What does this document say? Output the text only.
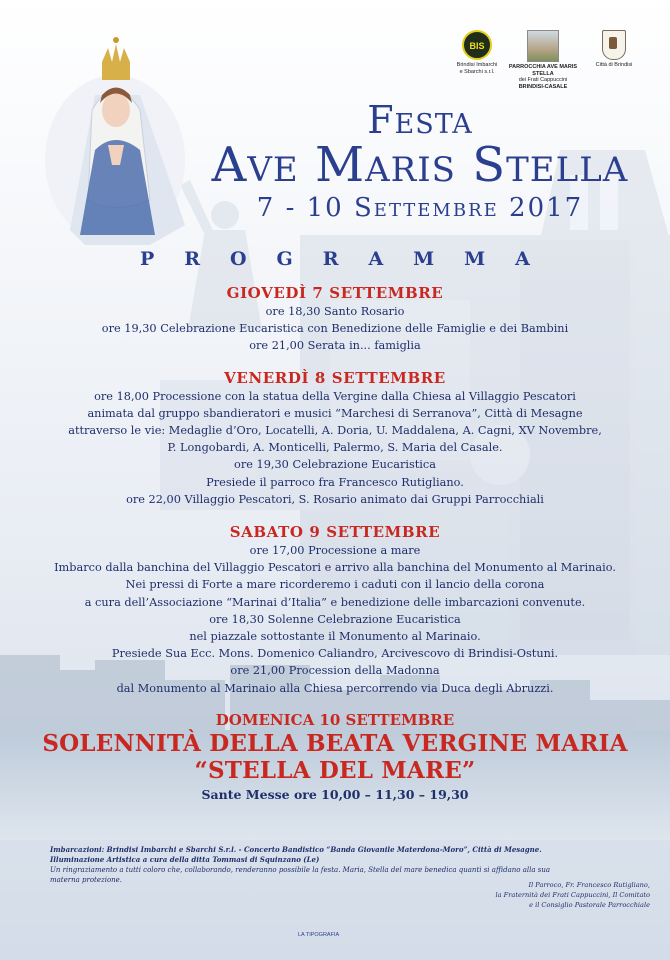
BIS
Brindisi Imbarchi e Sbarchi s.r.l.
PARROCCHIA AVE MARIS STELLA
dei Frati Cappuccini
BRINDISI-CASALE
Città di Brindisi
Festa
Ave Maris Stella
7 - 10 Settembre 2017
P R O G R A M M A
GIOVEDÌ 7 SETTEMBRE
ore 18,30 Santo Rosario
ore 19,30 Celebrazione Eucaristica con Benedizione delle Famiglie e dei Bambini
ore 21,00 Serata in... famiglia
VENERDÌ 8 SETTEMBRE
ore 18,00 Processione con la statua della Vergine dalla Chiesa al Villaggio Pescatori
animata dal gruppo sbandieratori e musici “Marchesi di Serranova”, Città di Mesagne
attraverso le vie: Medaglie d’Oro, Locatelli, A. Doria, U. Maddalena, A. Cagni, XV Novembre,
P. Longobardi, A. Monticelli, Palermo, S. Maria del Casale.
ore 19,30 Celebrazione Eucaristica
Presiede il parroco fra Francesco Rutigliano.
ore 22,00 Villaggio Pescatori, S. Rosario animato dai Gruppi Parrocchiali
SABATO 9 SETTEMBRE
ore 17,00 Processione a mare
Imbarco dalla banchina del Villaggio Pescatori e arrivo alla banchina del Monumento al Marinaio.
Nei pressi di Forte a mare ricorderemo i caduti con il lancio della corona
a cura dell’Associazione “Marinai d’Italia” e benedizione delle imbarcazioni convenute.
ore 18,30 Solenne Celebrazione Eucaristica
nel piazzale sottostante il Monumento al Marinaio.
Presiede Sua Ecc. Mons. Domenico Caliandro, Arcivescovo di Brindisi-Ostuni.
ore 21,00 Procession della Madonna
dal Monumento al Marinaio alla Chiesa percorrendo via Duca degli Abruzzi.
DOMENICA 10 SETTEMBRE
SOLENNITÀ DELLA BEATA VERGINE MARIA
“STELLA DEL MARE”
Sante Messe ore 10,00 – 11,30 – 19,30
Imbarcazioni: Brindisi Imbarchi e Sbarchi S.r.l. - Concerto Bandistico “Banda Giovanile Materdona-Moro”, Città di Mesagne.
Illuminazione Artistica a cura della ditta Tommasi di Squinzano (Le)
Un ringraziamento a tutti coloro che, collaborando, renderanno possibile la festa. Maria, Stella del mare benedica quanti si affidano alla sua materna protezione.
Il Parroco, Fr. Francesco Rutigliano,
la Fraternità dei Frati Cappuccini, Il Comitato
e il Consiglio Pastorale Parrocchiale
LA TIPOGRAFIA
